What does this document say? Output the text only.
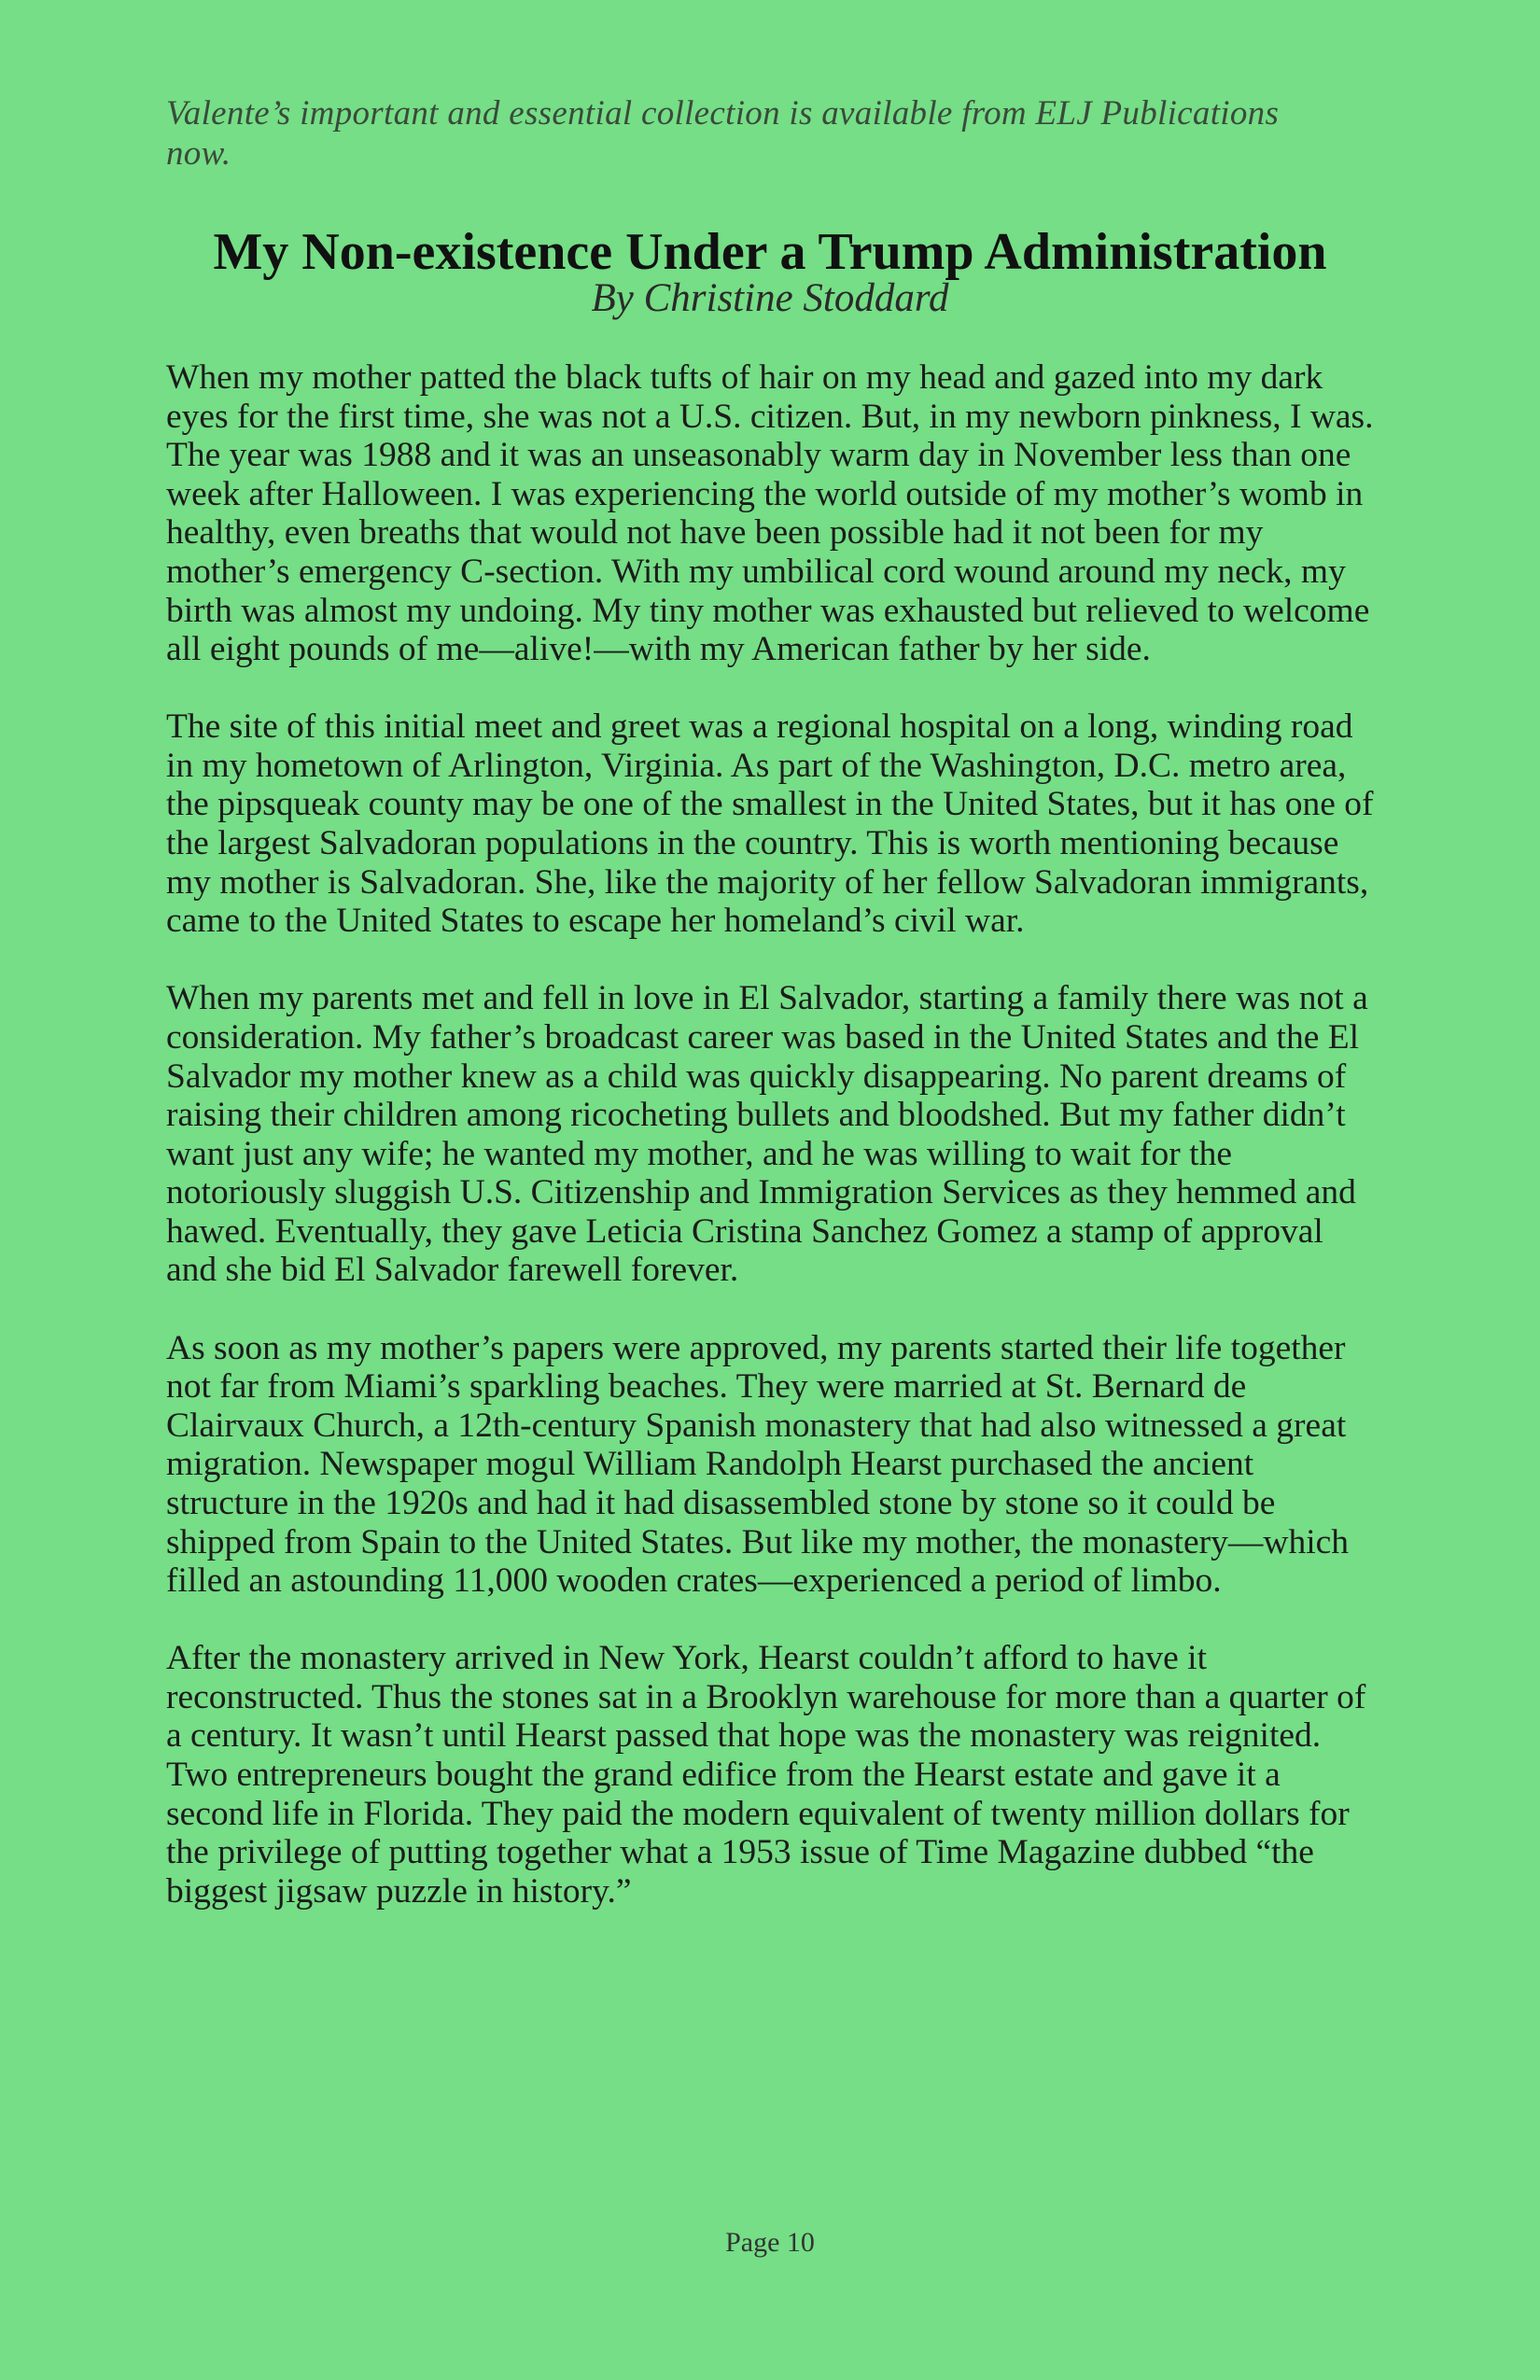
Valente’s important and essential collection is available from ELJ Publications now.
My Non-existence Under a Trump Administration
By Christine Stoddard

When my mother patted the black tufts of hair on my head and gazed into my dark eyes for the first time, she was not a U.S. citizen. But, in my newborn pinkness, I was. The year was 1988 and it was an unseasonably warm day in November less than one week after Halloween. I was experiencing the world outside of my mother’s womb in healthy, even breaths that would not have been possible had it not been for my mother’s emergency C-section. With my umbilical cord wound around my neck, my birth was almost my undoing. My tiny mother was exhausted but relieved to welcome all eight pounds of me—alive!—with my American father by her side.

The site of this initial meet and greet was a regional hospital on a long, winding road in my hometown of Arlington, Virginia. As part of the Washington, D.C. metro area, the pipsqueak county may be one of the smallest in the United States, but it has one of the largest Salvadoran populations in the country. This is worth mentioning because my mother is Salvadoran. She, like the majority of her fellow Salvadoran immigrants, came to the United States to escape her homeland’s civil war.

When my parents met and fell in love in El Salvador, starting a family there was not a consideration. My father’s broadcast career was based in the United States and the El Salvador my mother knew as a child was quickly disappearing. No parent dreams of raising their children among ricocheting bullets and bloodshed. But my father didn’t want just any wife; he wanted my mother, and he was willing to wait for the notoriously sluggish U.S. Citizenship and Immigration Services as they hemmed and hawed. Eventually, they gave Leticia Cristina Sanchez Gomez a stamp of approval and she bid El Salvador farewell forever.

As soon as my mother’s papers were approved, my parents started their life together not far from Miami’s sparkling beaches. They were married at St. Bernard de Clairvaux Church, a 12th-century Spanish monastery that had also witnessed a great migration. Newspaper mogul William Randolph Hearst purchased the ancient structure in the 1920s and had it had disassembled stone by stone so it could be shipped from Spain to the United States. But like my mother, the monastery—which filled an astounding 11,000 wooden crates—experienced a period of limbo.

After the monastery arrived in New York, Hearst couldn’t afford to have it reconstructed. Thus the stones sat in a Brooklyn warehouse for more than a quarter of a century. It wasn’t until Hearst passed that hope was the monastery was reignited. Two entrepreneurs bought the grand edifice from the Hearst estate and gave it a second life in Florida. They paid the modern equivalent of twenty million dollars for the privilege of putting together what a 1953 issue of Time Magazine dubbed “the biggest jigsaw puzzle in history.”

Page 10
